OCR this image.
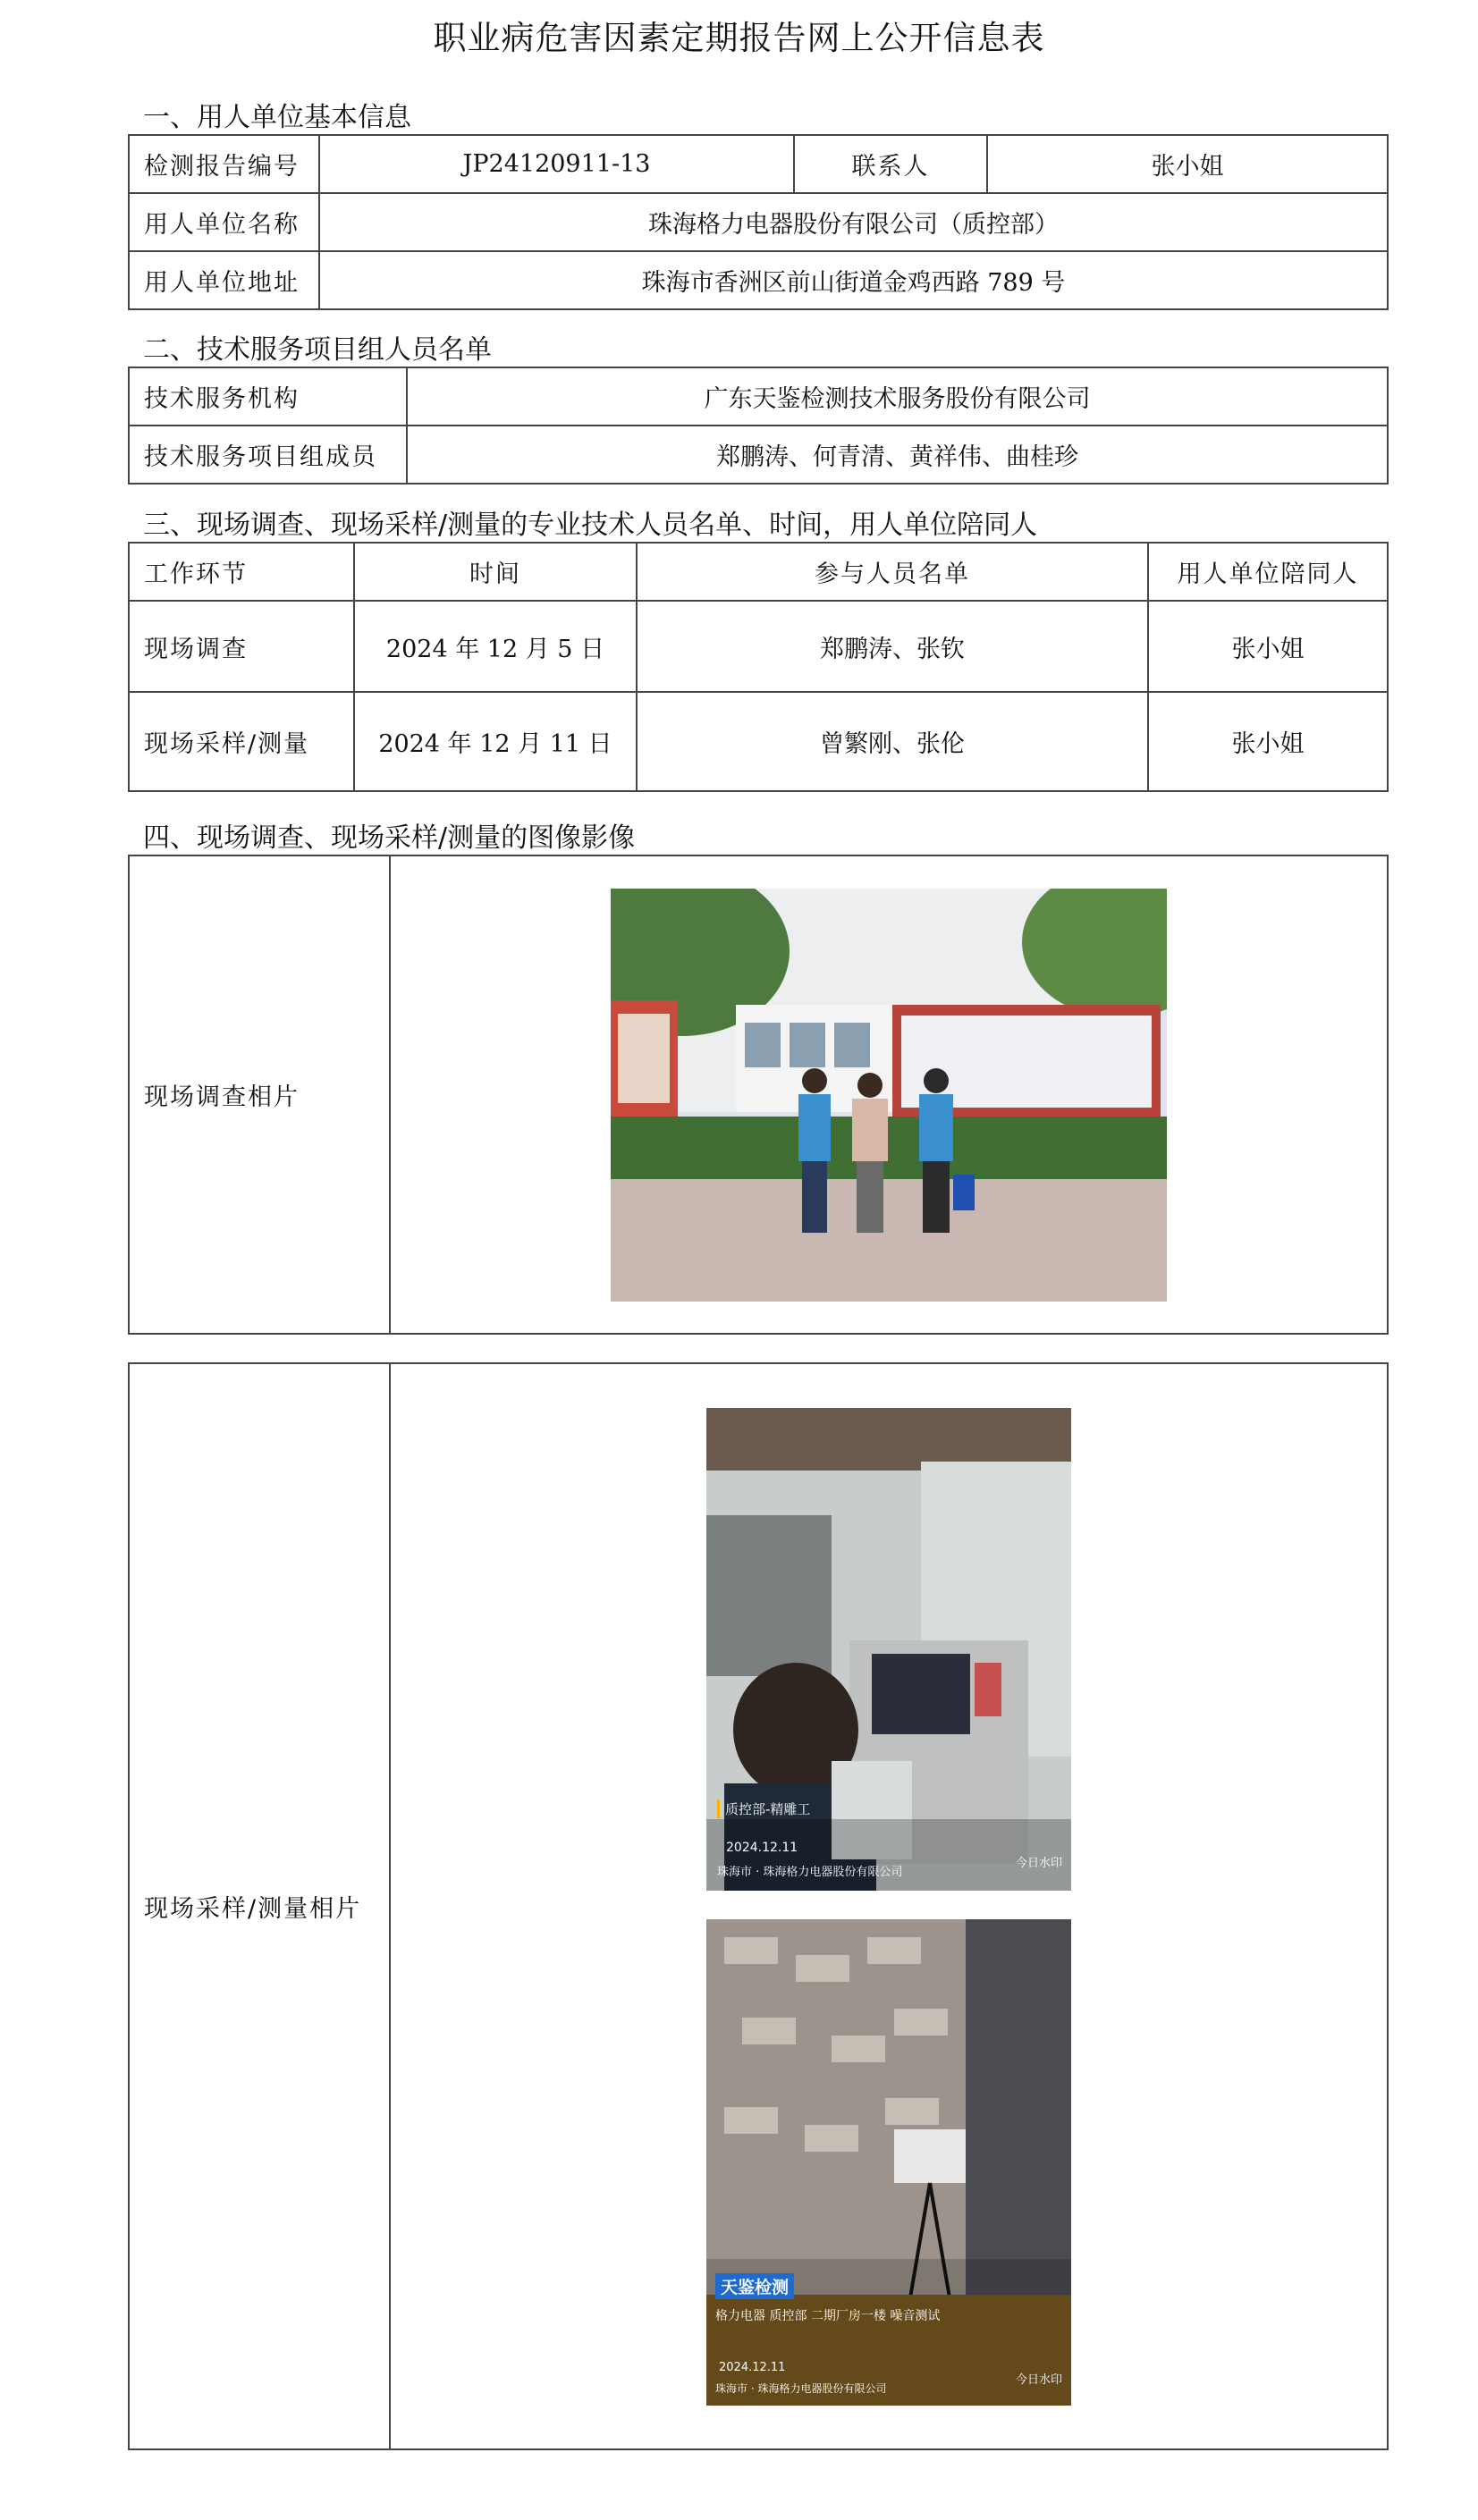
职业病危害因素定期报告网上公开信息表
一、用人单位基本信息
检测报告编号	JP24120911-13	联系人	张小姐
用人单位名称	珠海格力电器股份有限公司（质控部）		
用人单位地址	珠海市香洲区前山街道金鸡西路 789 号		
二、技术服务项目组人员名单
技术服务机构	广东天鉴检测技术服务股份有限公司
技术服务项目组成员	郑鹏涛、何青清、黄祥伟、曲桂珍
三、现场调查、现场采样/测量的专业技术人员名单、时间，用人单位陪同人
工作环节	时间	参与人员名单	用人单位陪同人
现场调查	2024 年 12 月 5 日	郑鹏涛、张钦	张小姐
现场采样/测量	2024 年 12 月 11 日	曾繁刚、张伦	张小姐
四、现场调查、现场采样/测量的图像影像
现场调查相片	
现场采样/测量相片	
质控部-精雕工
2024.12.11
珠海市 · 珠海格力电器股份有限公司
今日水印
天鉴检测
格力电器 质控部 二期厂房一楼 噪音测试
2024.12.11
珠海市 · 珠海格力电器股份有限公司
今日水印
